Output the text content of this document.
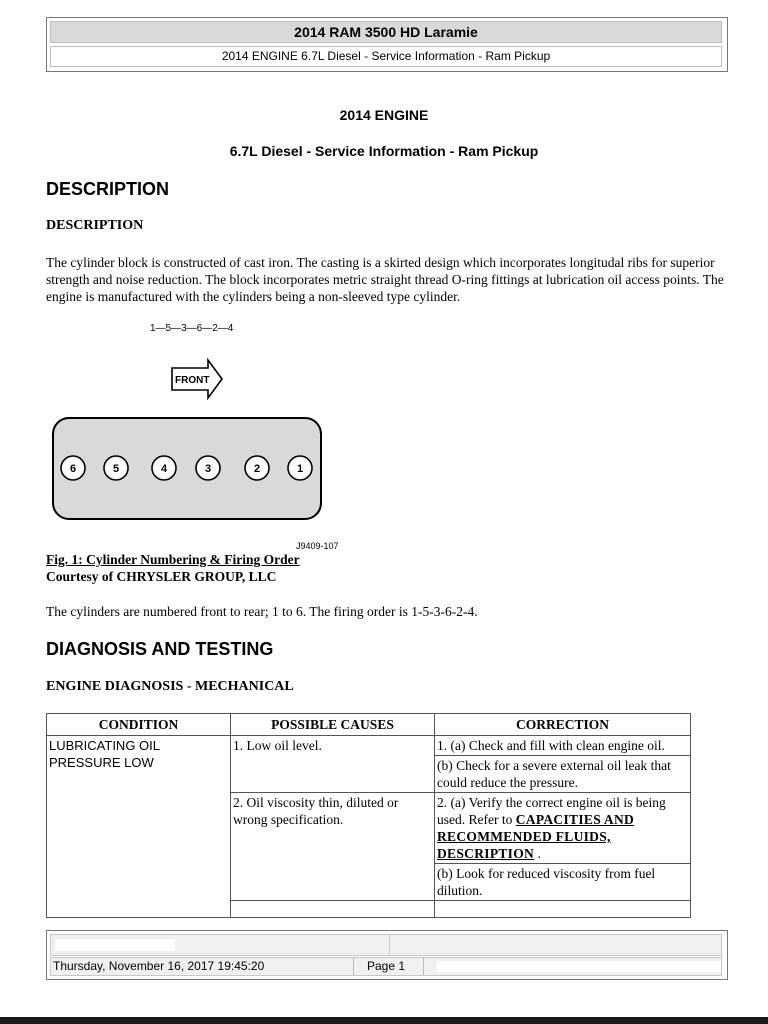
2014 RAM 3500 HD Laramie
2014 ENGINE 6.7L Diesel - Service Information - Ram Pickup
2014 ENGINE
6.7L Diesel - Service Information - Ram Pickup
DESCRIPTION
DESCRIPTION
The cylinder block is constructed of cast iron. The casting is a skirted design which incorporates longitudal ribs for superior strength and noise reduction. The block incorporates metric straight thread O-ring fittings at lubrication oil access points. The engine is manufactured with the cylinders being a non-sleeved type cylinder.
1—5—3—6—2—4
FRONT
6	5	4	3	2	1
J9409-107
Fig. 1: Cylinder Numbering & Firing Order
Courtesy of CHRYSLER GROUP, LLC
The cylinders are numbered front to rear; 1 to 6. The firing order is 1-5-3-6-2-4.
DIAGNOSIS AND TESTING
ENGINE DIAGNOSIS - MECHANICAL
CONDITION	POSSIBLE CAUSES	CORRECTION
LUBRICATING OIL PRESSURE LOW	1. Low oil level.	1. (a) Check and fill with clean engine oil.
		(b) Check for a severe external oil leak that could reduce the pressure.
	2. Oil viscosity thin, diluted or wrong specification.	2. (a) Verify the correct engine oil is being used. Refer to CAPACITIES AND RECOMMENDED FLUIDS, DESCRIPTION .
		(b) Look for reduced viscosity from fuel dilution.

Thursday, November 16, 2017 19:45:20	Page 1
